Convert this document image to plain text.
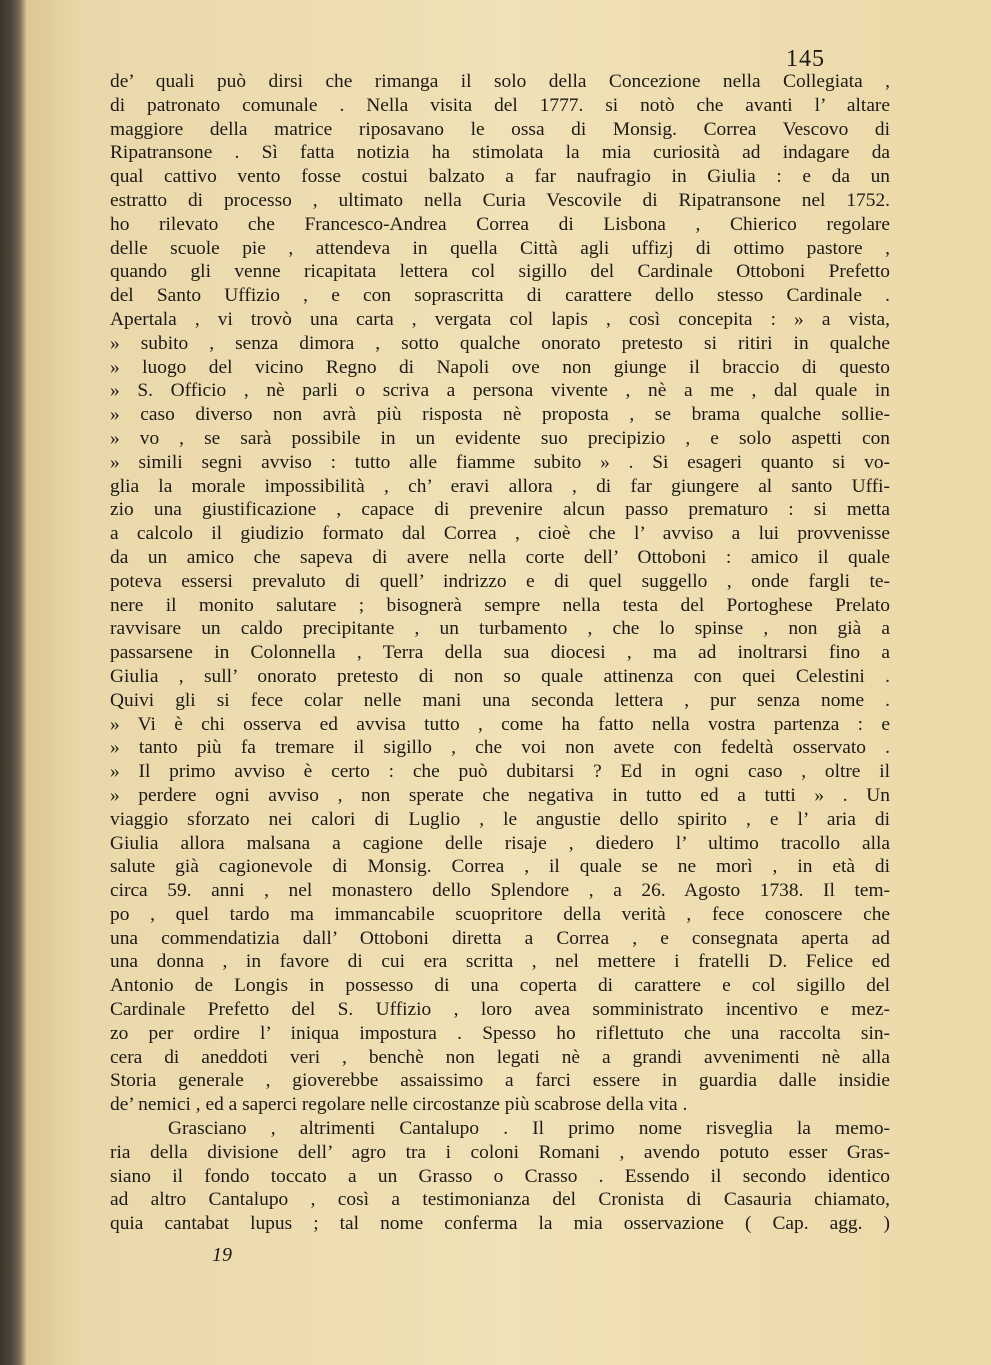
145
de’ quali può dirsi che rimanga il solo della Concezione nella Collegiata ,
di patronato comunale . Nella visita del 1777. si notò che avanti l’ altare
maggiore della matrice riposavano le ossa di Monsig. Correa Vescovo di
Ripatransone . Sì fatta notizia ha stimolata la mia curiosità ad indagare da
qual cattivo vento fosse costui balzato a far naufragio in Giulia : e da un
estratto di processo , ultimato nella Curia Vescovile di Ripatransone nel 1752.
ho rilevato che Francesco-Andrea Correa di Lisbona , Chierico regolare
delle scuole pie , attendeva in quella Città agli uffizj di ottimo pastore ,
quando gli venne ricapitata lettera col sigillo del Cardinale Ottoboni Prefetto
del Santo Uffizio , e con soprascritta di carattere dello stesso Cardinale .
Apertala , vi trovò una carta , vergata col lapis , così concepita : » a vista,
» subito , senza dimora , sotto qualche onorato pretesto si ritiri in qualche
» luogo del vicino Regno di Napoli ove non giunge il braccio di questo
» S. Officio , nè parli o scriva a persona vivente , nè a me , dal quale in
» caso diverso non avrà più risposta nè proposta , se brama qualche sollie-
» vo , se sarà possibile in un evidente suo precipizio , e solo aspetti con
» simili segni avviso : tutto alle fiamme subito » . Si esageri quanto si vo-
glia la morale impossibilità , ch’ eravi allora , di far giungere al santo Uffi-
zio una giustificazione , capace di prevenire alcun passo prematuro : si metta
a calcolo il giudizio formato dal Correa , cioè che l’ avviso a lui provvenisse
da un amico che sapeva di avere nella corte dell’ Ottoboni : amico il quale
poteva essersi prevaluto di quell’ indrizzo e di quel suggello , onde fargli te-
nere il monito salutare ; bisognerà sempre nella testa del Portoghese Prelato
ravvisare un caldo precipitante , un turbamento , che lo spinse , non già a
passarsene in Colonnella , Terra della sua diocesi , ma ad inoltrarsi fino a
Giulia , sull’ onorato pretesto di non so quale attinenza con quei Celestini .
Quivi gli si fece colar nelle mani una seconda lettera , pur senza nome .
» Vi è chi osserva ed avvisa tutto , come ha fatto nella vostra partenza : e
» tanto più fa tremare il sigillo , che voi non avete con fedeltà osservato .
» Il primo avviso è certo : che può dubitarsi ? Ed in ogni caso , oltre il
» perdere ogni avviso , non sperate che negativa in tutto ed a tutti » . Un
viaggio sforzato nei calori di Luglio , le angustie dello spirito , e l’ aria di
Giulia allora malsana a cagione delle risaje , diedero l’ ultimo tracollo alla
salute già cagionevole di Monsig. Correa , il quale se ne morì , in età di
circa 59. anni , nel monastero dello Splendore , a 26. Agosto 1738. Il tem-
po , quel tardo ma immancabile scuopritore della verità , fece conoscere che
una commendatizia dall’ Ottoboni diretta a Correa , e consegnata aperta ad
una donna , in favore di cui era scritta , nel mettere i fratelli D. Felice ed
Antonio de Longis in possesso di una coperta di carattere e col sigillo del
Cardinale Prefetto del S. Uffizio , loro avea somministrato incentivo e mez-
zo per ordire l’ iniqua impostura . Spesso ho riflettuto che una raccolta sin-
cera di aneddoti veri , benchè non legati nè a grandi avvenimenti nè alla
Storia generale , gioverebbe assaissimo a farci essere in guardia dalle insidie
de’ nemici , ed a saperci regolare nelle circostanze più scabrose della vita .
Grasciano , altrimenti Cantalupo . Il primo nome risveglia la memo-
ria della divisione dell’ agro tra i coloni Romani , avendo potuto esser Gras-
siano il fondo toccato a un Grasso o Crasso . Essendo il secondo identico
ad altro Cantalupo , così a testimonianza del Cronista di Casauria chiamato,
quia cantabat lupus ; tal nome conferma la mia osservazione ( Cap. agg. )
19
